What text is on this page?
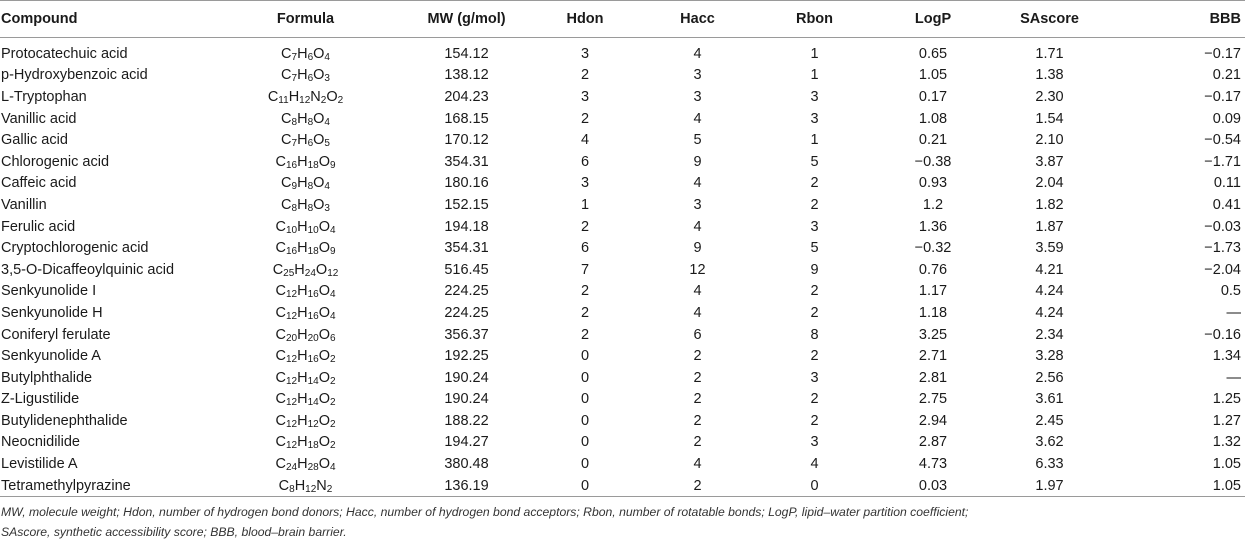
Compound	Formula	MW (g/mol)	Hdon	Hacc	Rbon	LogP	SAscore	BBB

Protocatechuic acid	$C_7H_6O_4$	154.12	3	4	1	0.65	1.71	−0.17
p-Hydroxybenzoic acid	$C_7H_6O_3$	138.12	2	3	1	1.05	1.38	0.21
L-Tryptophan	$C_{11}H_{12}N_2O_2$	204.23	3	3	3	0.17	2.30	−0.17
Vanillic acid	$C_8H_8O_4$	168.15	2	4	3	1.08	1.54	0.09
Gallic acid	$C_7H_6O_5$	170.12	4	5	1	0.21	2.10	−0.54
Chlorogenic acid	$C_{16}H_{18}O_9$	354.31	6	9	5	−0.38	3.87	−1.71
Caffeic acid	$C_9H_8O_4$	180.16	3	4	2	0.93	2.04	0.11
Vanillin	$C_8H_8O_3$	152.15	1	3	2	1.2	1.82	0.41
Ferulic acid	$C_{10}H_{10}O_4$	194.18	2	4	3	1.36	1.87	−0.03
Cryptochlorogenic acid	$C_{16}H_{18}O_9$	354.31	6	9	5	−0.32	3.59	−1.73
3,5-O-Dicaffeoylquinic acid	$C_{25}H_{24}O_{12}$	516.45	7	12	9	0.76	4.21	−2.04
Senkyunolide I	$C_{12}H_{16}O_4$	224.25	2	4	2	1.17	4.24	0.5
Senkyunolide H	$C_{12}H_{16}O_4$	224.25	2	4	2	1.18	4.24	—
Coniferyl ferulate	$C_{20}H_{20}O_6$	356.37	2	6	8	3.25	2.34	−0.16
Senkyunolide A	$C_{12}H_{16}O_2$	192.25	0	2	2	2.71	3.28	1.34
Butylphthalide	$C_{12}H_{14}O_2$	190.24	0	2	3	2.81	2.56	—
Z-Ligustilide	$C_{12}H_{14}O_2$	190.24	0	2	2	2.75	3.61	1.25
Butylidenephthalide	$C_{12}H_{12}O_2$	188.22	0	2	2	2.94	2.45	1.27
Neocnidilide	$C_{12}H_{18}O_2$	194.27	0	2	3	2.87	3.62	1.32
Levistilide A	$C_{24}H_{28}O_4$	380.48	0	4	4	4.73	6.33	1.05
Tetramethylpyrazine	$C_8H_{12}N_2$	136.19	0	2	0	0.03	1.97	1.05
MW, molecule weight; Hdon, number of hydrogen bond donors; Hacc, number of hydrogen bond acceptors; Rbon, number of rotatable bonds; LogP, lipid–water partition coefficient;
SAscore, synthetic accessibility score; BBB, blood–brain barrier.
